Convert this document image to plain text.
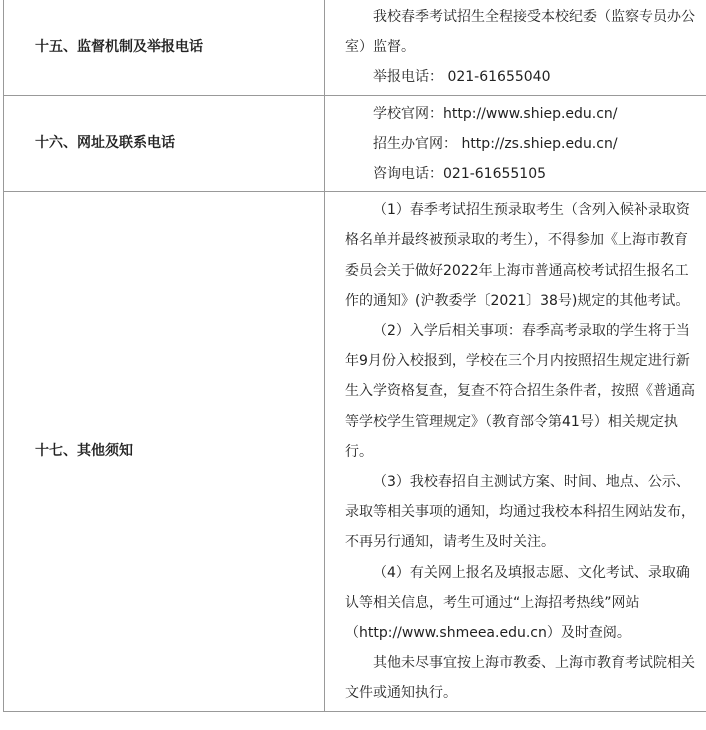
十五、监督机制及举报电话	我校春季考试招生全程接受本校纪委（监察专员办公室）监督。

举报电话： 021-61655040

十六、网址及联系电话	学校官网：http://www.shiep.edu.cn/

招生办官网： http://zs.shiep.edu.cn/

咨询电话：021-61655105

十七、其他须知	（1）春季考试招生预录取考生（含列入候补录取资格名单并最终被预录取的考生），不得参加《上海市教育委员会关于做好2022年上海市普通高校考试招生报名工作的通知》(沪教委学〔2021〕38号)规定的其他考试。

（2）入学后相关事项：春季高考录取的学生将于当年9月份入校报到，学校在三个月内按照招生规定进行新生入学资格复查，复查不符合招生条件者，按照《普通高等学校学生管理规定》（教育部令第41号）相关规定执行。

（3）我校春招自主测试方案、时间、地点、公示、录取等相关事项的通知，均通过我校本科招生网站发布，不再另行通知，请考生及时关注。

（4）有关网上报名及填报志愿、文化考试、录取确认等相关信息，考生可通过“上海招考热线”网站（http://www.shmeea.edu.cn）及时查阅。

其他未尽事宜按上海市教委、上海市教育考试院相关文件或通知执行。
